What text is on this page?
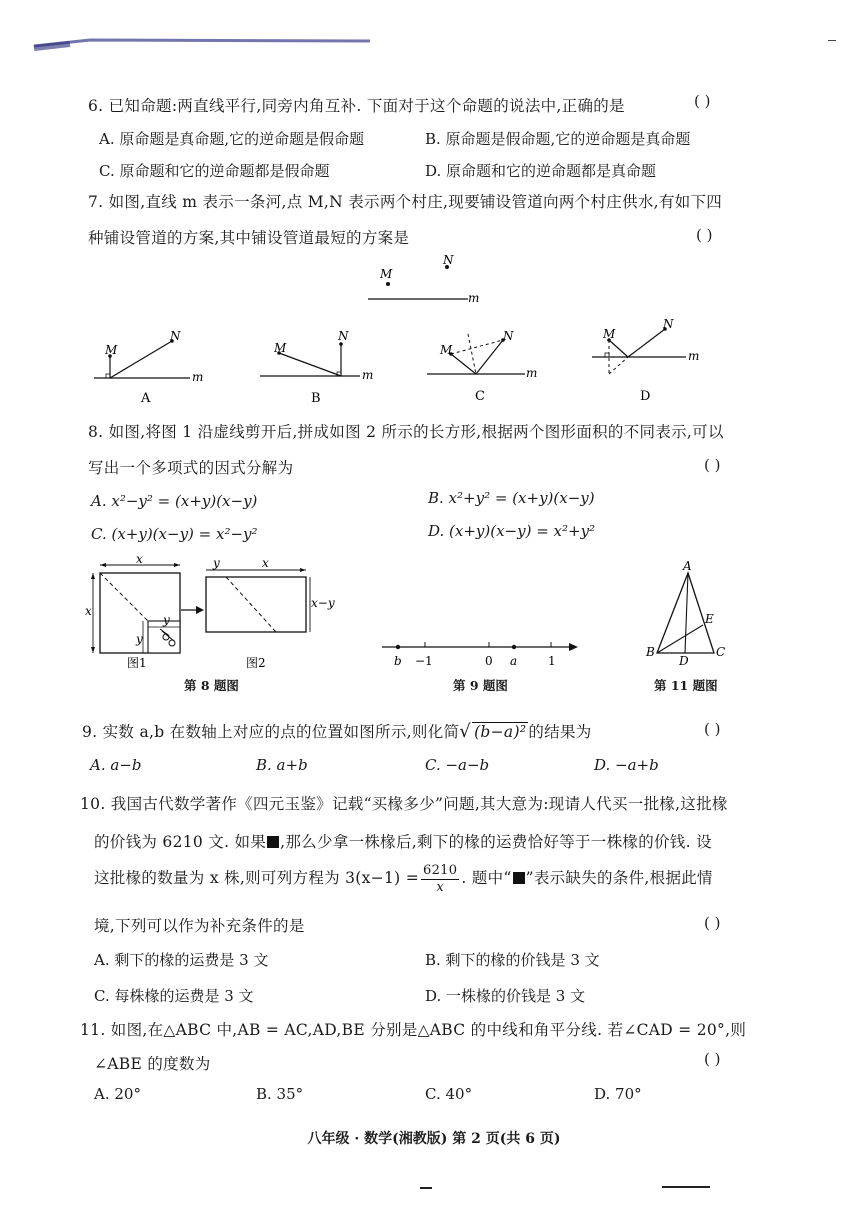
6. 已知命题:两直线平行,同旁内角互补. 下面对于这个命题的说法中,正确的是	( )
A. 原命题是真命题,它的逆命题是假命题	B. 原命题是假命题,它的逆命题是真命题
C. 原命题和它的逆命题都是假命题	D. 原命题和它的逆命题都是真命题
7. 如图,直线 m 表示一条河,点 M,N 表示两个村庄,现要铺设管道向两个村庄供水,有如下四
种铺设管道的方案,其中铺设管道最短的方案是	( )
M
N
m
m
M
N
A
m
M
N
B
m
M
N
C
m
M
N
D
8. 如图,将图 1 沿虚线剪开后,拼成如图 2 所示的长方形,根据两个图形面积的不同表示,可以
写出一个多项式的因式分解为	( )
A. x²−y² = (x+y)(x−y)	B. x²+y² = (x+y)(x−y)
C. (x+y)(x−y) = x²−y²	D. (x+y)(x−y) = x²+y²
x
x
y
y
图1
y	x
x−y
图2	b −1	0 a	1
A
B	C
D
E
第 8 题图	第 9 题图	第 11 题图
9. 实数 a,b 在数轴上对应的点的位置如图所示,则化简√ (b−a)² 的结果为	( )
A. a−b	B. a+b	C. −a−b	D. −a+b
10. 我国古代数学著作《四元玉鉴》记载“买椽多少”问题,其大意为:现请人代买一批椽,这批椽
的价钱为 6210 文. 如果 ,那么少拿一株椽后,剩下的椽的运费恰好等于一株椽的价钱. 设
这批椽的数量为 x 株,则可列方程为 $3(x-1) = \frac{6210}{x}$ . 题中“ ”表示缺失的条件,根据此情
境,下列可以作为补充条件的是	( )
A. 剩下的椽的运费是 3 文	B. 剩下的椽的价钱是 3 文
C. 每株椽的运费是 3 文	D. 一株椽的价钱是 3 文
11. 如图,在△ABC 中,AB = AC,AD,BE 分别是△ABC 的中线和角平分线. 若∠CAD = 20°,则
∠ABE 的度数为	( )
A. 20°	B. 35°	C. 40°	D. 70°
八年级 · 数学(湘教版) 第 2 页(共 6 页)
